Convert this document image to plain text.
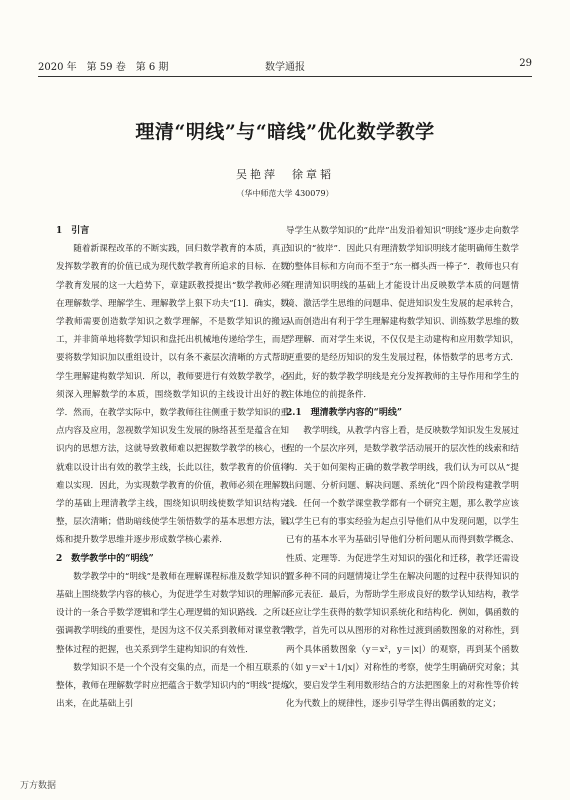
2020 年　第 59 卷　第 6 期	数学通报	29
理清“明线”与“暗线”优化数学教学
吴艳萍　徐章韬
（华中师范大学 430079）
1　引言

随着新课程改革的不断实践，回归数学教育的本质，真正发挥数学教育的价值已成为现代数学教育所追求的目标．在数学教育发展的这一大趋势下，章建跃教授提出“数学教师必须在理解数学、理解学生、理解教学上狠下功夫”[1]．确实，数学教师需要创造数学知识之数学理解，不是数学知识的搬运工，并非简单地将数学知识和盘托出机械地传递给学生，而是要将数学知识加以重组设计，以有条不紊层次清晰的方式帮助学生理解建构数学知识．所以，教师要进行有效数学教学，必须深入理解数学的本质，围绕数学知识的主线设计出好的教学．然而，在教学实际中，数学教师往往侧重于数学知识的重点内容及应用，忽视数学知识发生发展的脉络甚至是蕴含在知识内的思想方法，这就导致教师难以把握数学教学的核心，也就难以设计出有效的教学主线，长此以往，数学教育的价值将难以实现．因此，为实现数学教育的价值，教师必须在理解数学的基础上理清教学主线，围绕知识明线使数学知识结构完整，层次清晰；借助暗线使学生领悟数学的基本思想方法，锻炼和提升数学思维并逐步形成数学核心素养．

2　数学教学中的“明线”

数学教学中的“明线”是教师在理解课程标准及数学知识的基础上围绕数学内容的核心，为促进学生对数学知识的理解而设计的一条合乎数学逻辑和学生心理逻辑的知识路线．之所以强调教学明线的重要性，是因为这不仅关系到教师对课堂教学整体过程的把握，也关系到学生建构知识的有效性．

数学知识不是一个个没有交集的点，而是一个相互联系的整体，教师在理解数学时应把蕴含于数学知识内的“明线”提炼出来，在此基础上引

导学生从数学知识的“此岸”出发沿着知识“明线”逐步走向数学知识的“彼岸”．因此只有理清数学知识明线才能明确师生数学的整体目标和方向而不至于“东一榔头西一棒子”．教师也只有在理清知识明线的基础上才能设计出反映数学本质的问题情境、激活学生思维的问题串、促进知识发生发展的起承转合，从而创造出有利于学生理解建构数学知识、训练数学思维的数学理解．而对学生来说，不仅仅是主动建构和应用数学知识，更重要的是经历知识的发生发展过程，体悟数学的思考方式．因此，好的数学教学明线是充分发挥教师的主导作用和学生的主体地位的前提条件．

2.1　理清教学内容的“明线”

教学明线，从教学内容上看，是反映数学知识发生发展过程的一个层次序列，是数学教学活动展开的层次性的线索和结构．关于如何架构正确的数学教学明线，我们认为可以从“提出问题、分析问题、解决问题、系统化”四个阶段构建教学明线．任何一个数学课堂教学都有一个研究主题，那么教学应该以学生已有的事实经验为起点引导他们从中发现问题，以学生已有的基本水平为基础引导他们分析问题从而得到数学概念、性质、定理等．为促进学生对知识的强化和迁移，教学还需设置多种不同的问题情境让学生在解决问题的过程中获得知识的多元表征．最后，为帮助学生形成良好的数学认知结构，教学还应让学生获得的数学知识系统化和结构化．例如，偶函数的教学，首先可以从图形的对称性过渡到函数图象的对称性，到两个具体函数图象（y＝x²，y＝|x|）的观察，再到某个函数（如 y＝x²＋1/|x|）对称性的考察，使学生明确研究对象；其次，要启发学生利用数形结合的方法把图象上的对称性等价转化为代数上的规律性，逐步引导学生得出偶函数的定义；

万方数据
